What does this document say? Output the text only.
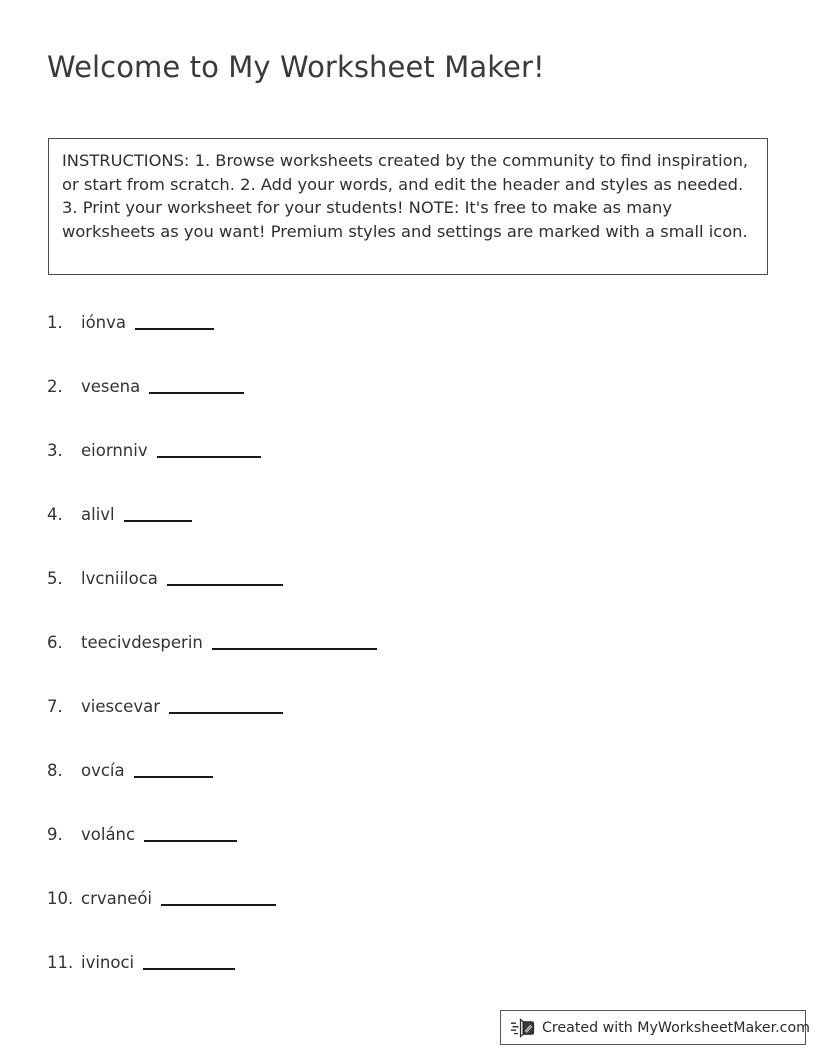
Welcome to My Worksheet Maker!
INSTRUCTIONS: 1. Browse worksheets created by the community to find inspiration, or start from scratch. 2. Add your words, and edit the header and styles as needed. 3. Print your worksheet for your students! NOTE: It's free to make as many worksheets as you want! Premium styles and settings are marked with a small icon.
1.	iónva
2.	vesena
3.	eiornniv
4.	alivl
5.	lvcniiloca
6.	teecivdesperin
7.	viescevar
8.	ovcía
9.	volánc
10. crvaneói
11. ivinoci
Created with MyWorksheetMaker.com
